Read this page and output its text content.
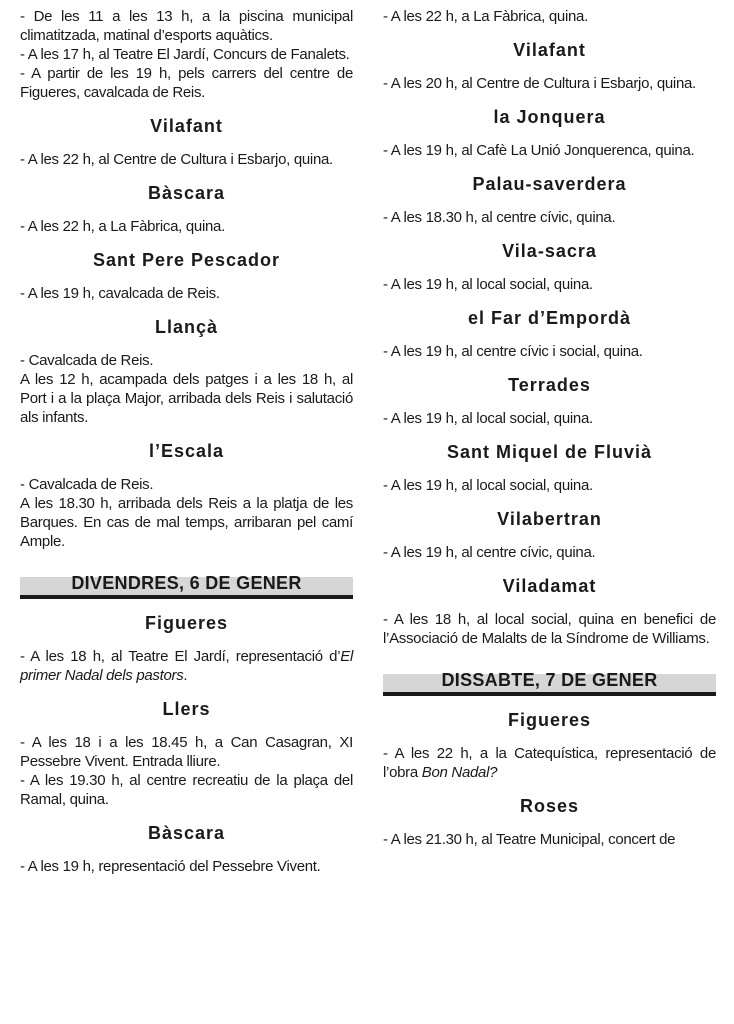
- De les 11 a les 13 h, a la piscina municipal climatitzada, matinal d’esports aquàtics.

- A les 17 h, al Teatre El Jardí, Concurs de Fanalets.

- A partir de les 19 h, pels carrers del centre de Figueres, cavalcada de Reis.

Vilafant

- A les 22 h, al Centre de Cultura i Esbarjo, quina.

Bàscara

- A les 22 h, a La Fàbrica, quina.

Sant Pere Pescador

- A les 19 h, cavalcada de Reis.

Llançà

- Cavalcada de Reis.

A les 12 h, acampada dels patges i a les 18 h, al Port i a la plaça Major, arribada dels Reis i salutació als infants.

l’Escala

- Cavalcada de Reis.

A les 18.30 h, arribada dels Reis a la platja de les Barques. En cas de mal temps, arribaran pel camí Ample.

DIVENDRES, 6 DE GENER
Figueres

- A les 18 h, al Teatre El Jardí, representació d’El primer Nadal dels pastors.

Llers

- A les 18 i a les 18.45 h, a Can Casagran, XI Pessebre Vivent. Entrada lliure.

- A les 19.30 h, al centre recreatiu de la plaça del Ramal, quina.

Bàscara

- A les 19 h, representació del Pessebre Vivent.

- A les 22 h, a La Fàbrica, quina.

Vilafant

- A les 20 h, al Centre de Cultura i Esbarjo, quina.

la Jonquera

- A les 19 h, al Cafè La Unió Jonquerenca, quina.

Palau-saverdera

- A les 18.30 h, al centre cívic, quina.

Vila-sacra

- A les 19 h, al local social, quina.

el Far d’Empordà

- A les 19 h, al centre cívic i social, quina.

Terrades

- A les 19 h, al local social, quina.

Sant Miquel de Fluvià

- A les 19 h, al local social, quina.

Vilabertran

- A les 19 h, al centre cívic, quina.

Viladamat

- A les 18 h, al local social, quina en benefici de l’Associació de Malalts de la Síndrome de Williams.

DISSABTE, 7 DE GENER
Figueres

- A les 22 h, a la Catequística, representació de l’obra Bon Nadal?

Roses

- A les 21.30 h, al Teatre Municipal, concert de
